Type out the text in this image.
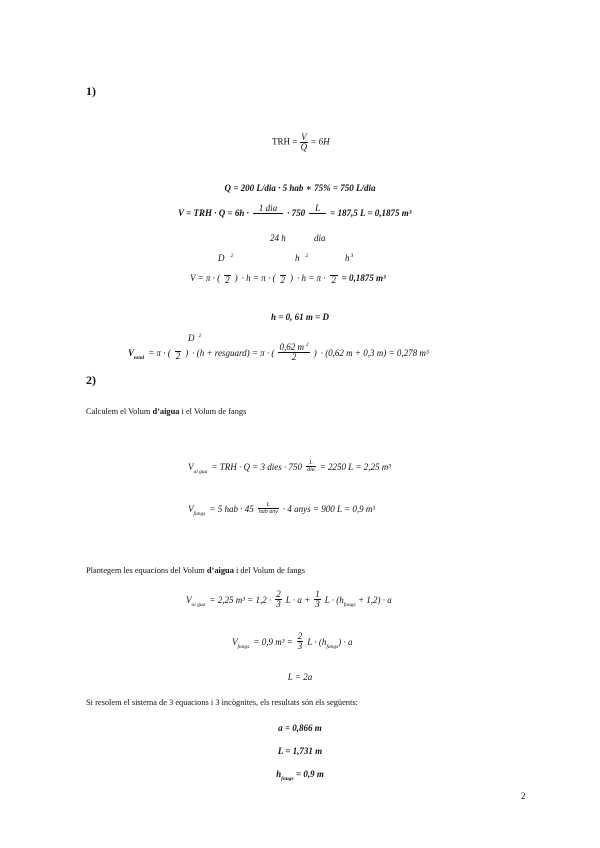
1)
TRH = $\frac{V}{Q} = 6H$
Q = 200 L/dia · 5 hab ∗ 75% = 750 L/dia
V = TRH · Q = 6h ·	1 dia	· 750	L	= 187,5 L = 0,1875 m³
24 h	dia
D $^2$	h $^2$	$h^3$
V = π · ( 2 ) · h = π · ( 2 ) · h = π · 2 = 0,1875 m³
h = 0, 61 m = D
D $^2$
$V_{total} = \pi$ · ( 2 ) · (h + resguard) = π · ( $\frac{0,62 m ^2}{2}$ ) · (0,62 m + 0,3 m) = 0,278 m³
2)
Calculem el Volum d’aigua i el Volum de fangs
$V_{ai gua}$ = TRH · Q = 3 dies · $750 \frac{L}{\text{dia}} = 2250$ L = 2,25 m³
$V_{fangs} = 5$ hab · $45 \frac{L}{\text{hab any}} \cdot 4$ anys = 900 L = 0,9 m³
Plantegem les equacions del Volum d’aigua i del Volum de fangs
$V_{ai gua} = 2,25$ $m^3 = 1,2 \cdot \frac{2}{3}$ $L \cdot a + \frac{1}{3}$ $L \cdot (h_{fangs} + 1,2) \cdot a$
$V_{fangs} = 0,9$ $m^3 = \frac{2}{3}$ $L \cdot (h_{fangs}) \cdot a$
L = 2a
Si resolem el sistema de 3 equacions i 3 incògnites, els resultats són els següents:
a = 0,866 m
L = 1,731 m
$h_{fangs} = 0,9$ m
2
